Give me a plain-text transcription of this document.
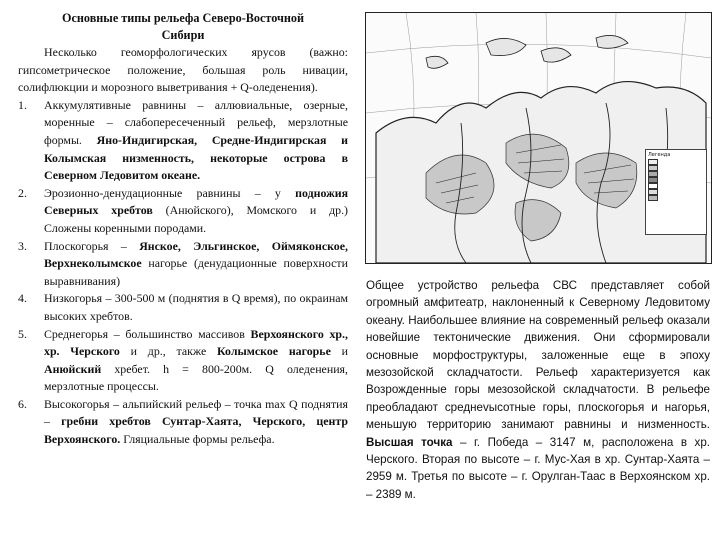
Основные типы рельефа Северо-Восточной Сибири
Несколько геоморфологических ярусов (важно: гипсометрическое положение, большая роль нивации, солифлюкции и морозного выветривания + Q-оледенения).
1.	Аккумулятивные равнины – аллювиальные, озерные, моренные – слабопересеченный рельеф, мерзлотные формы. Яно-Индигирская, Средне-Индигирская и Колымская низменность, некоторые острова в Северном Ледовитом океане.
2.	Эрозионно-денудационные равнины – у подножия Северных хребтов (Анюйского), Момского и др.) Сложены коренными породами.
3.	Плоскогорья – Янское, Эльгинское, Оймяконское, Верхнеколымское нагорье (денудационные поверхности выравнивания)
4.	Низкогорья – 300-500 м (поднятия в Q время), по окраинам высоких хребтов.
5.	Среднегорья – большинство массивов Верхоянского хр., хр. Черского и др., также Колымское нагорье и Анюйский хребет. h = 800-200м. Q оледенения, мерзлотные процессы.
6.	Высокогорья – альпийский рельеф – точка max Q поднятия – гребни хребтов Сунтар-Хаята, Черского, центр Верхоянского. Гляциальные формы рельефа.
Легенда

Общее устройство рельефа СВС представляет собой огромный амфитеатр, наклоненный к Северному Ледовитому океану. Наибольшее влияние на современный рельеф оказали новейшие тектонические движения. Они сформировали основные морфоструктуры, заложенные еще в эпоху мезозойской складчатости. Рельеф характеризуется как Возрожденные горы мезозойской складчатости. В рельефе преобладают среднevысотные горы, плоскогорья и нагорья, меньшую территорию занимают равнины и низменность. Высшая точка – г. Победа – 3147 м, расположена в хр. Черского. Вторая по высоте – г. Мус-Хая в хр. Сунтар-Хаята – 2959 м. Третья по высоте – г. Орулган-Таас в Верхоянском хр. – 2389 м.
